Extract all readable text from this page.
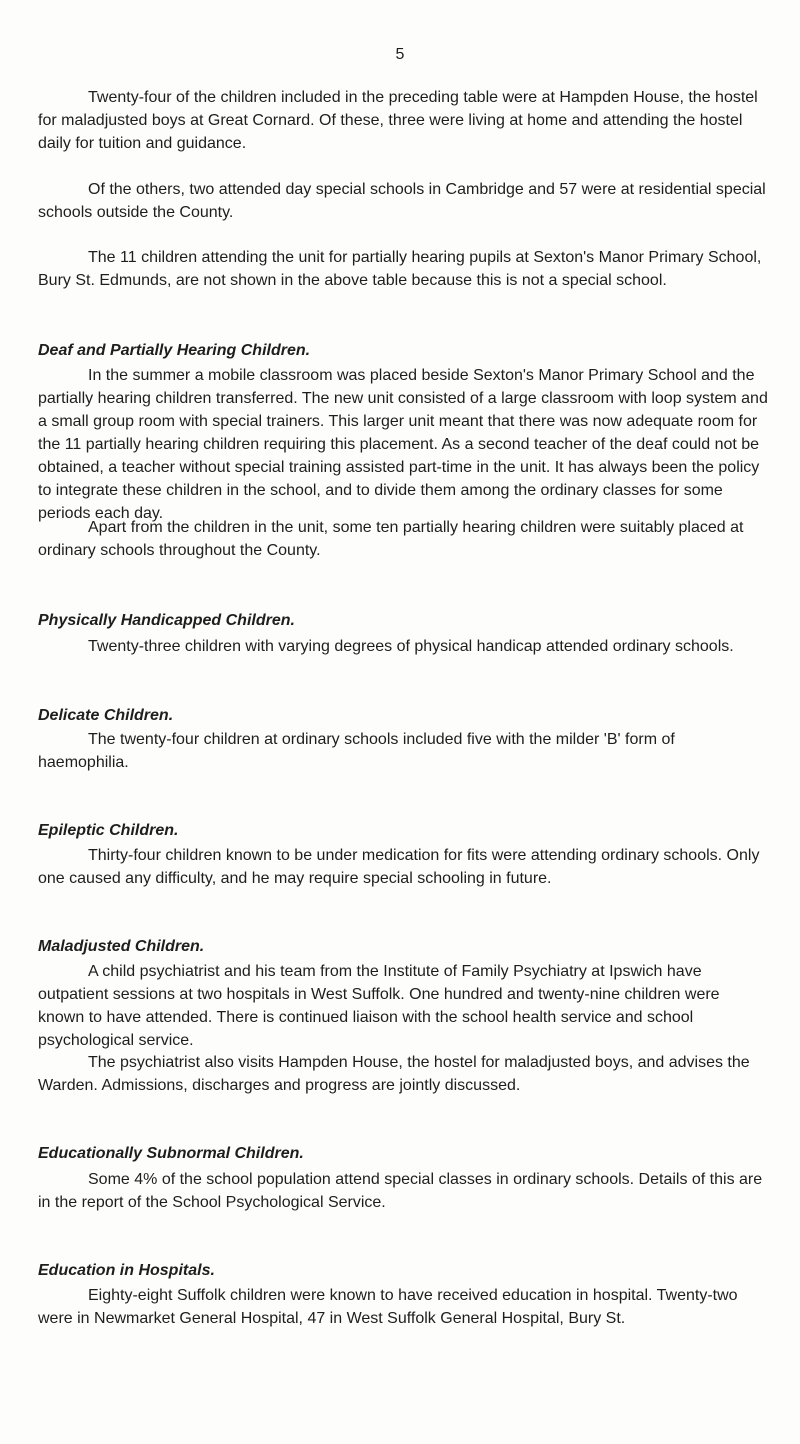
5

Twenty-four of the children included in the preceding table were at Hampden House, the hostel for maladjusted boys at Great Cornard. Of these, three were living at home and attending the hostel daily for tuition and guidance.

Of the others, two attended day special schools in Cambridge and 57 were at residential special schools outside the County.

The 11 children attending the unit for partially hearing pupils at Sexton's Manor Primary School, Bury St. Edmunds, are not shown in the above table because this is not a special school.

Deaf and Partially Hearing Children.

In the summer a mobile classroom was placed beside Sexton's Manor Primary School and the partially hearing children transferred. The new unit consisted of a large classroom with loop system and a small group room with special trainers. This larger unit meant that there was now adequate room for the 11 partially hearing children requiring this placement. As a second teacher of the deaf could not be obtained, a teacher without special training assisted part-time in the unit. It has always been the policy to integrate these children in the school, and to divide them among the ordinary classes for some periods each day.

Apart from the children in the unit, some ten partially hearing children were suitably placed at ordinary schools throughout the County.

Physically Handicapped Children.

Twenty-three children with varying degrees of physical handicap attended ordinary schools.

Delicate Children.

The twenty-four children at ordinary schools included five with the milder 'B' form of haemophilia.

Epileptic Children.

Thirty-four children known to be under medication for fits were attending ordinary schools. Only one caused any difficulty, and he may require special schooling in future.

Maladjusted Children.

A child psychiatrist and his team from the Institute of Family Psychiatry at Ipswich have outpatient sessions at two hospitals in West Suffolk. One hundred and twenty-nine children were known to have attended. There is continued liaison with the school health service and school psychological service.

The psychiatrist also visits Hampden House, the hostel for maladjusted boys, and advises the Warden. Admissions, discharges and progress are jointly discussed.

Educationally Subnormal Children.

Some 4% of the school population attend special classes in ordinary schools. Details of this are in the report of the School Psychological Service.

Education in Hospitals.

Eighty-eight Suffolk children were known to have received education in hospital. Twenty-two were in Newmarket General Hospital, 47 in West Suffolk General Hospital, Bury St.
